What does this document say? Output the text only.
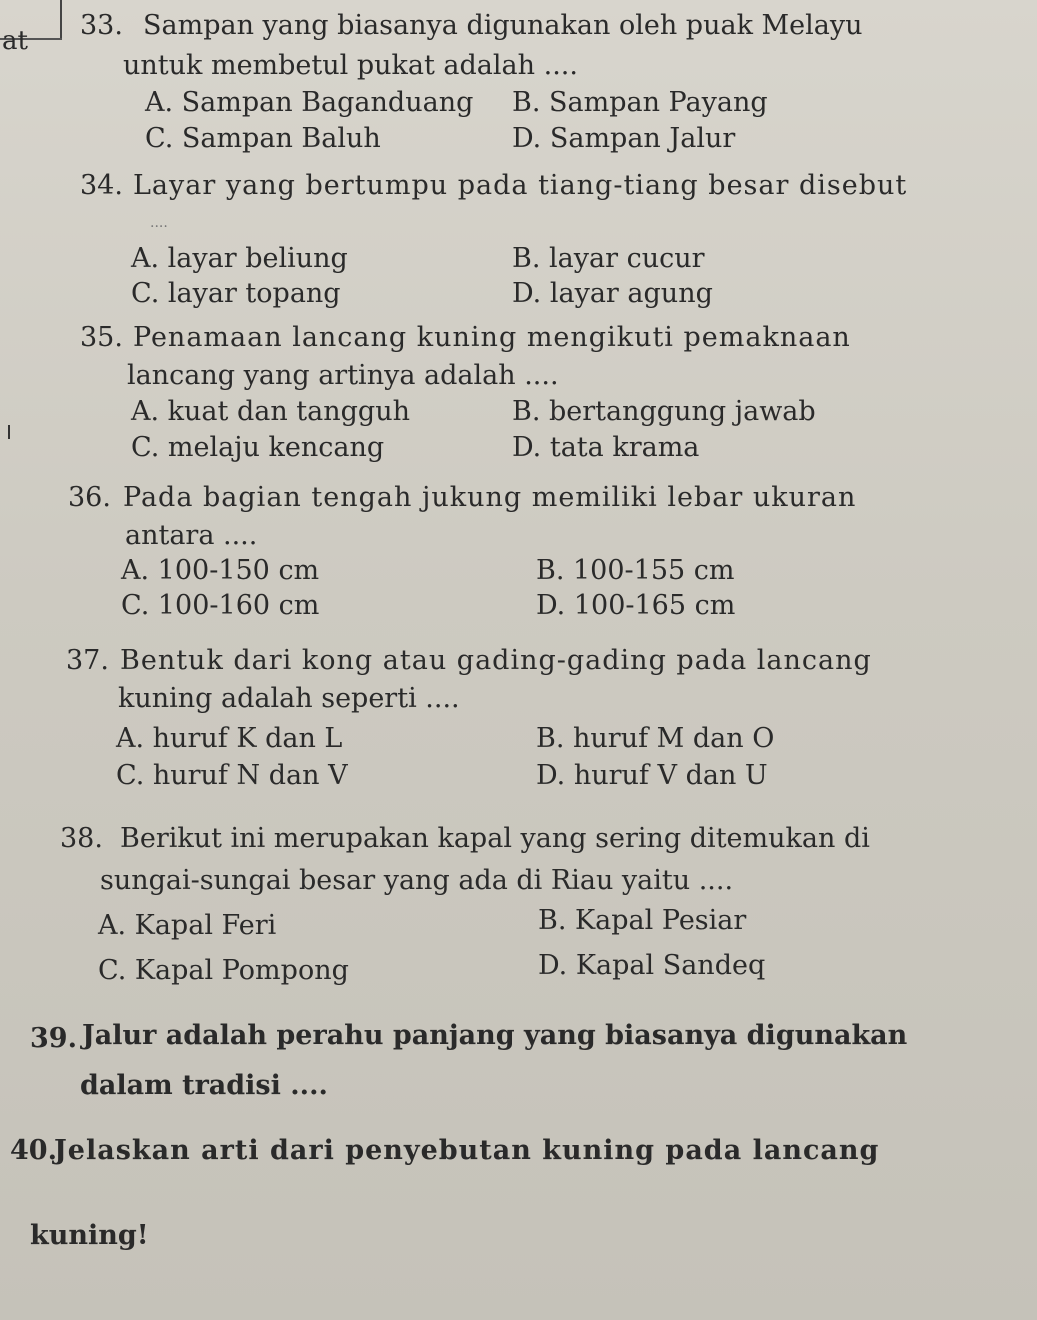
at 33. Sampan yang biasanya digunakan oleh puak Melayu
untuk membetul pukat adalah ....
A. Sampan Baganduang B. Sampan Payang
C. Sampan Baluh	D. Sampan Jalur
34. Layar yang bertumpu pada tiang-tiang besar disebut
....
A. layar beliung	B. layar cucur
C. layar topang	D. layar agung
35. Penamaan lancang kuning mengikuti pemaknaan
lancang yang artinya adalah ....
A. kuat dan tangguh	B. bertanggung jawab
C. melaju kencang	D. tata krama
36. Pada bagian tengah jukung memiliki lebar ukuran
antara ....
A. 100-150 cm	B. 100-155 cm
C. 100-160 cm	D. 100-165 cm
37. Bentuk dari kong atau gading-gading pada lancang
kuning adalah seperti ....
A. huruf K dan L	B. huruf M dan O
C. huruf N dan V	D. huruf V dan U
38. Berikut ini merupakan kapal yang sering ditemukan di
sungai-sungai besar yang ada di Riau yaitu ....
A. Kapal Feri	B. Kapal Pesiar
C. Kapal Pompong	D. Kapal Sandeq
39. Jalur adalah perahu panjang yang biasanya digunakan
dalam tradisi ....
40.
Jelaskan arti dari penyebutan kuning pada lancang
kuning!
